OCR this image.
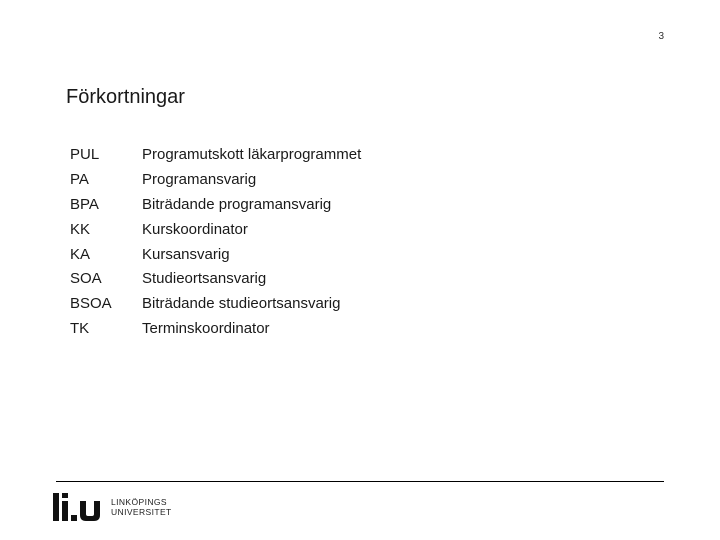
3
Förkortningar
PUL	Programutskott läkarprogrammet
PA	Programansvarig
BPA	Biträdande programansvarig
KK	Kurskoordinator
KA	Kursansvarig
SOA	Studieortsansvarig
BSOA	Biträdande studieortsansvarig
TK	Terminskoordinator
LINKÖPINGS
UNIVERSITET
